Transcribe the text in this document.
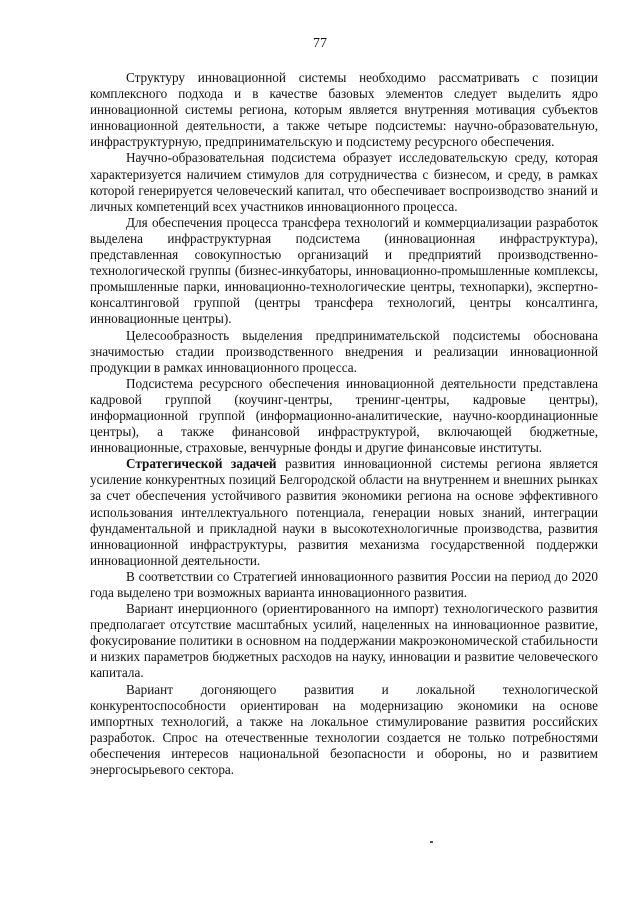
77

Структуру инновационной системы необходимо рассматривать с позиции комплексного подхода и в качестве базовых элементов следует выделить ядро инновационной системы региона, которым является внутренняя мотивация субъектов инновационной деятельности, а также четыре подсистемы: научно-образовательную, инфраструктурную, предпринимательскую и подсистему ресурсного обеспечения.

Научно-образовательная подсистема образует исследовательскую среду, которая характеризуется наличием стимулов для сотрудничества с бизнесом, и среду, в рамках которой генерируется человеческий капитал, что обеспечивает воспроизводство знаний и личных компетенций всех участников инновационного процесса.

Для обеспечения процесса трансфера технологий и коммерциализации разработок выделена инфраструктурная подсистема (инновационная инфраструктура), представленная совокупностью организаций и предприятий производственно-технологической группы (бизнес-инкубаторы, инновационно-промышленные комплексы, промышленные парки, инновационно-технологические центры, технопарки), экспертно-консалтинговой группой (центры трансфера технологий, центры консалтинга, инновационные центры).

Целесообразность выделения предпринимательской подсистемы обоснована значимостью стадии производственного внедрения и реализации инновационной продукции в рамках инновационного процесса.

Подсистема ресурсного обеспечения инновационной деятельности представлена кадровой группой (коучинг-центры, тренинг-центры, кадровые центры), информационной группой (информационно-аналитические, научно-координационные центры), а также финансовой инфраструктурой, включающей бюджетные, инновационные, страховые, венчурные фонды и другие финансовые институты.

Стратегической задачей развития инновационной системы региона является усиление конкурентных позиций Белгородской области на внутреннем и внешних рынках за счет обеспечения устойчивого развития экономики региона на основе эффективного использования интеллектуального потенциала, генерации новых знаний, интеграции фундаментальной и прикладной науки в высокотехнологичные производства, развития инновационной инфраструктуры, развития механизма государственной поддержки инновационной деятельности.

В соответствии со Стратегией инновационного развития России на период до 2020 года выделено три возможных варианта инновационного развития.

Вариант инерционного (ориентированного на импорт) технологического развития предполагает отсутствие масштабных усилий, нацеленных на инновационное развитие, фокусирование политики в основном на поддержании макроэкономической стабильности и низких параметров бюджетных расходов на науку, инновации и развитие человеческого капитала.

Вариант догоняющего развития и локальной технологической конкурентоспособности ориентирован на модернизацию экономики на основе импортных технологий, а также на локальное стимулирование развития российских разработок. Спрос на отечественные технологии создается не только потребностями обеспечения интересов национальной безопасности и обороны, но и развитием энергосырьевого сектора.
